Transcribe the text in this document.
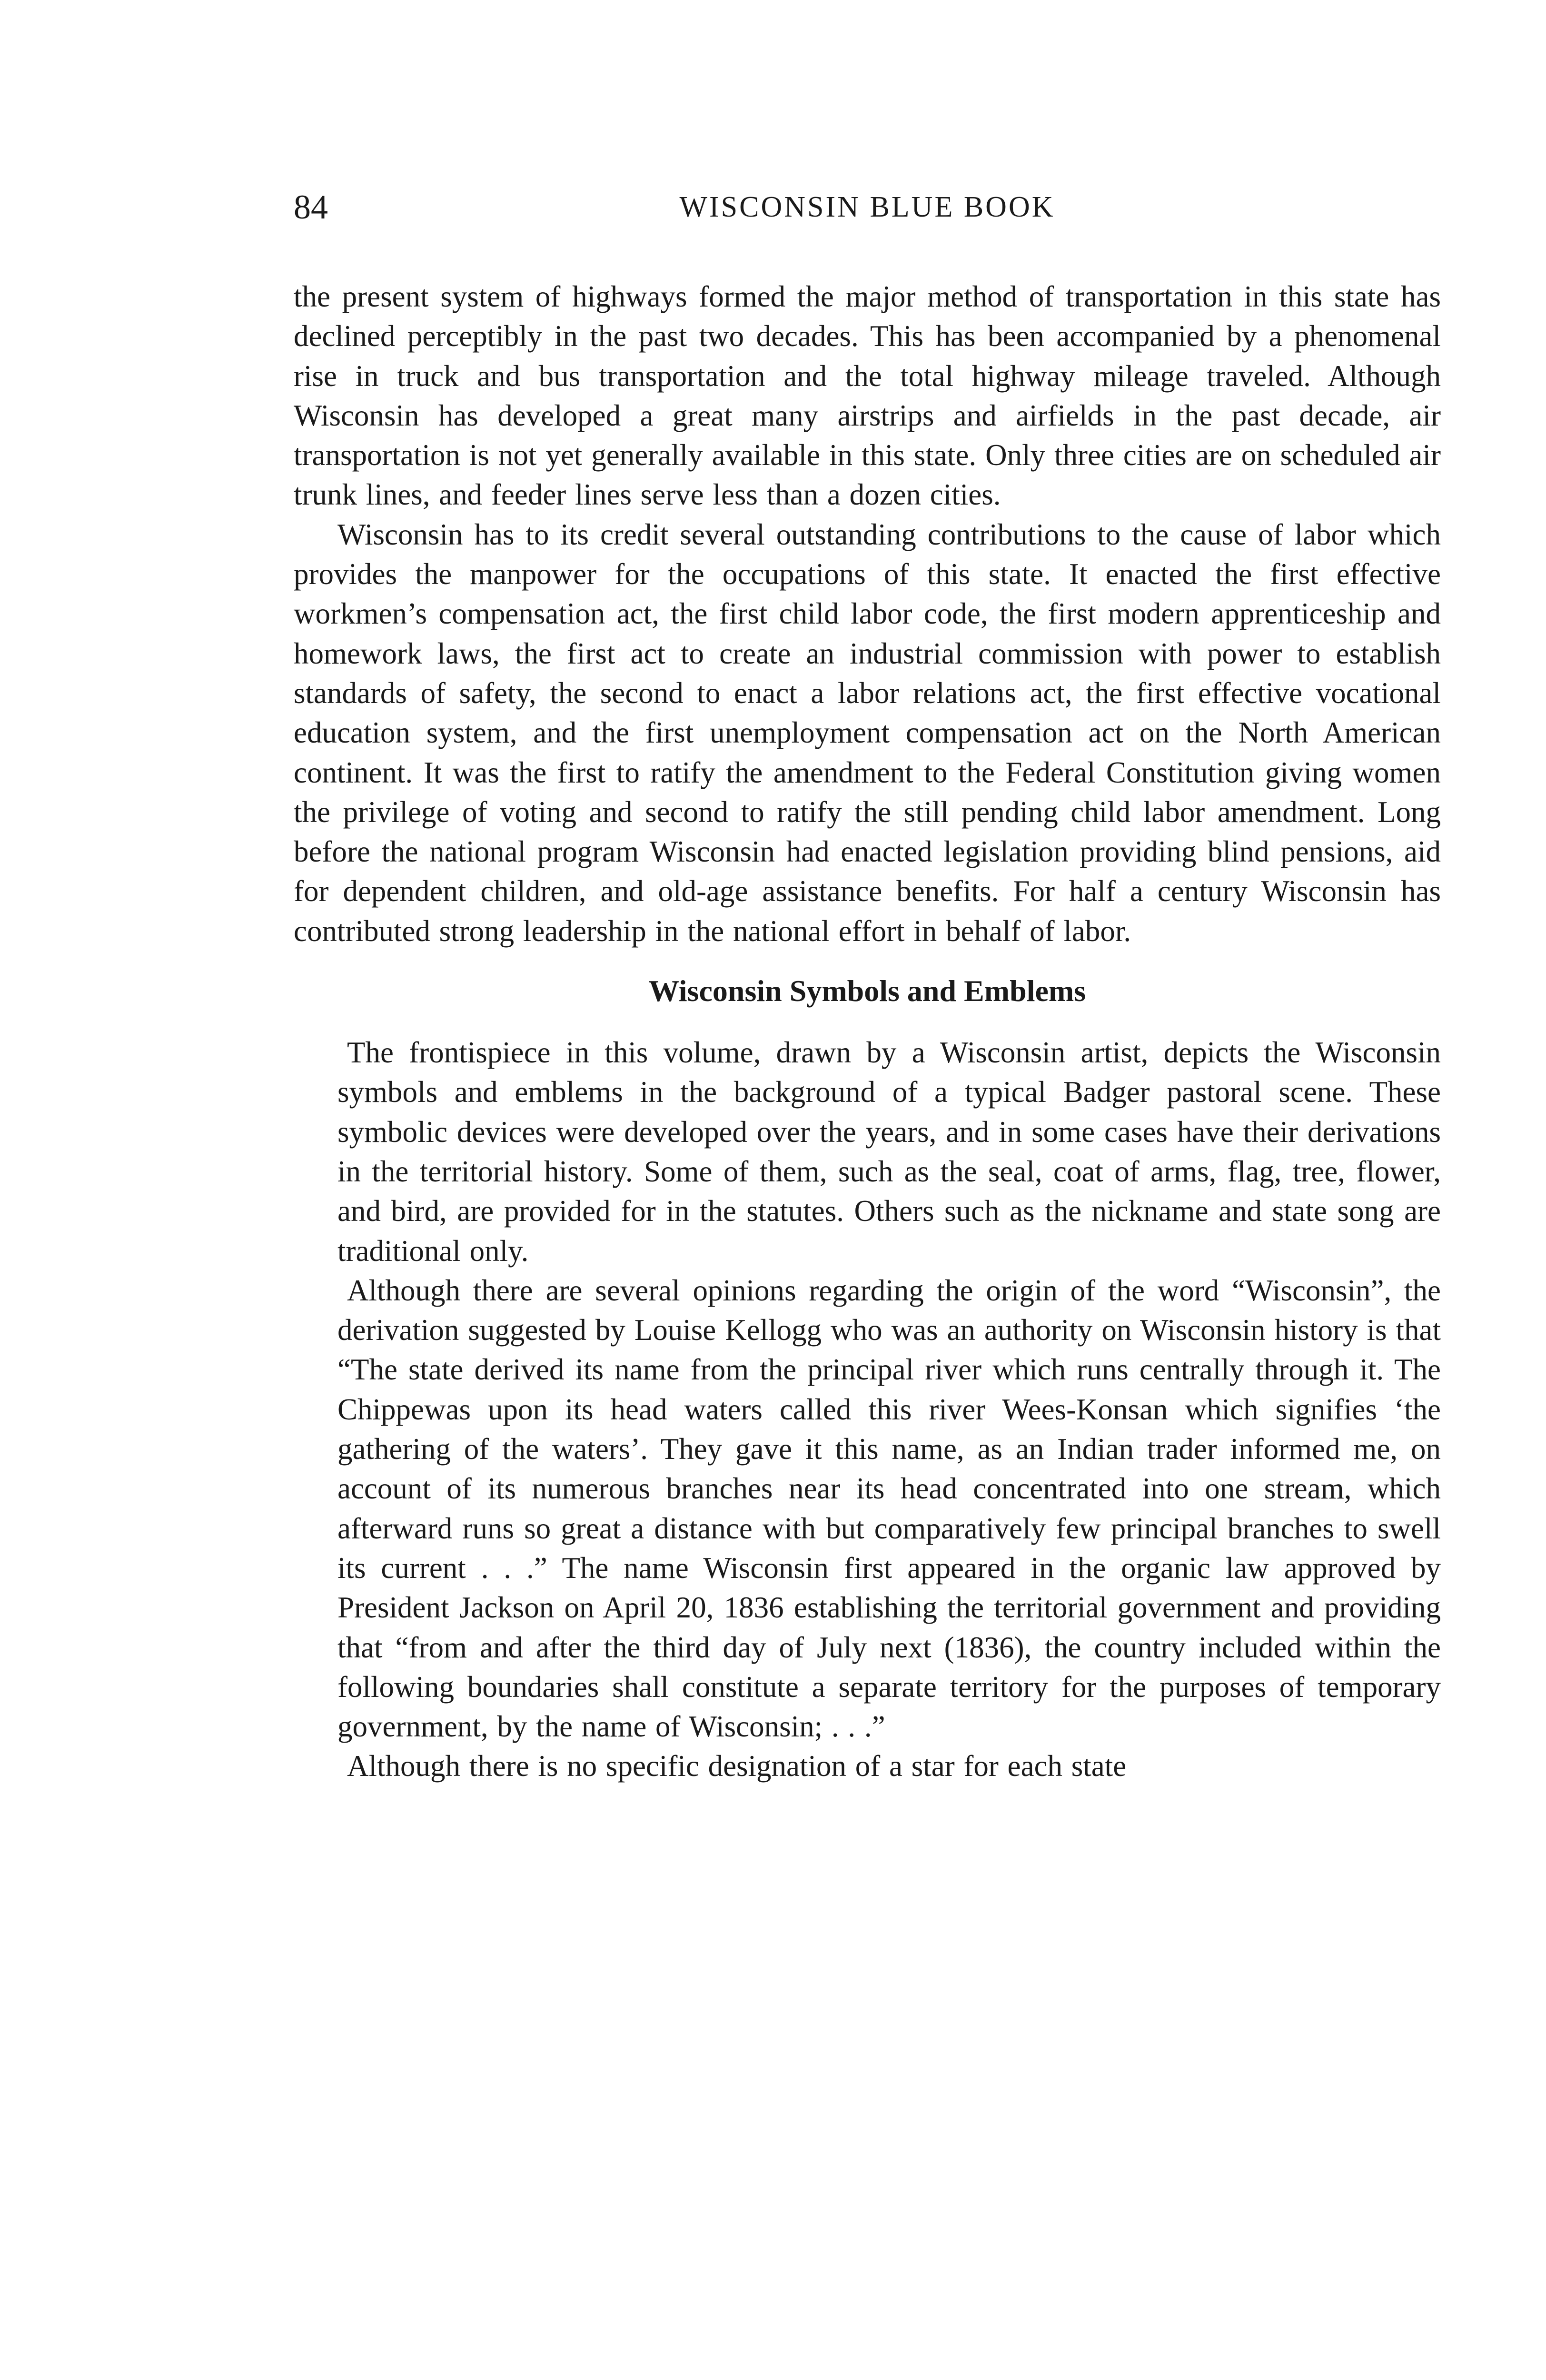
84	WISCONSIN BLUE BOOK

the present system of highways formed the major method of transportation in this state has declined perceptibly in the past two decades. This has been accompanied by a phenomenal rise in truck and bus transportation and the total highway mileage traveled. Although Wisconsin has developed a great many airstrips and airfields in the past decade, air transportation is not yet generally available in this state. Only three cities are on scheduled air trunk lines, and feeder lines serve less than a dozen cities.

Wisconsin has to its credit several outstanding contributions to the cause of labor which provides the manpower for the occupations of this state. It enacted the first effective workmen’s compensation act, the first child labor code, the first modern apprenticeship and homework laws, the first act to create an industrial commission with power to establish standards of safety, the second to enact a labor relations act, the first effective vocational education system, and the first unemployment compensation act on the North American continent. It was the first to ratify the amendment to the Federal Constitution giving women the privilege of voting and second to ratify the still pending child labor amendment. Long before the national program Wisconsin had enacted legislation providing blind pensions, aid for dependent children, and old-age assistance benefits. For half a century Wisconsin has contributed strong leadership in the national effort in behalf of labor.

Wisconsin Symbols and Emblems

The frontispiece in this volume, drawn by a Wisconsin artist, depicts the Wisconsin symbols and emblems in the background of a typical Badger pastoral scene. These symbolic devices were developed over the years, and in some cases have their derivations in the territorial history. Some of them, such as the seal, coat of arms, flag, tree, flower, and bird, are provided for in the statutes. Others such as the nickname and state song are traditional only.

Although there are several opinions regarding the origin of the word “Wisconsin”, the derivation suggested by Louise Kellogg who was an authority on Wisconsin history is that “The state derived its name from the principal river which runs centrally through it. The Chippewas upon its head waters called this river Wees-Konsan which signifies ‘the gathering of the waters’. They gave it this name, as an Indian trader informed me, on account of its numerous branches near its head concentrated into one stream, which afterward runs so great a distance with but comparatively few principal branches to swell its current . . .” The name Wisconsin first appeared in the organic law approved by President Jackson on April 20, 1836 establishing the territorial government and providing that “from and after the third day of July next (1836), the country included within the following boundaries shall constitute a separate territory for the purposes of temporary government, by the name of Wisconsin; . . .”

Although there is no specific designation of a star for each state
